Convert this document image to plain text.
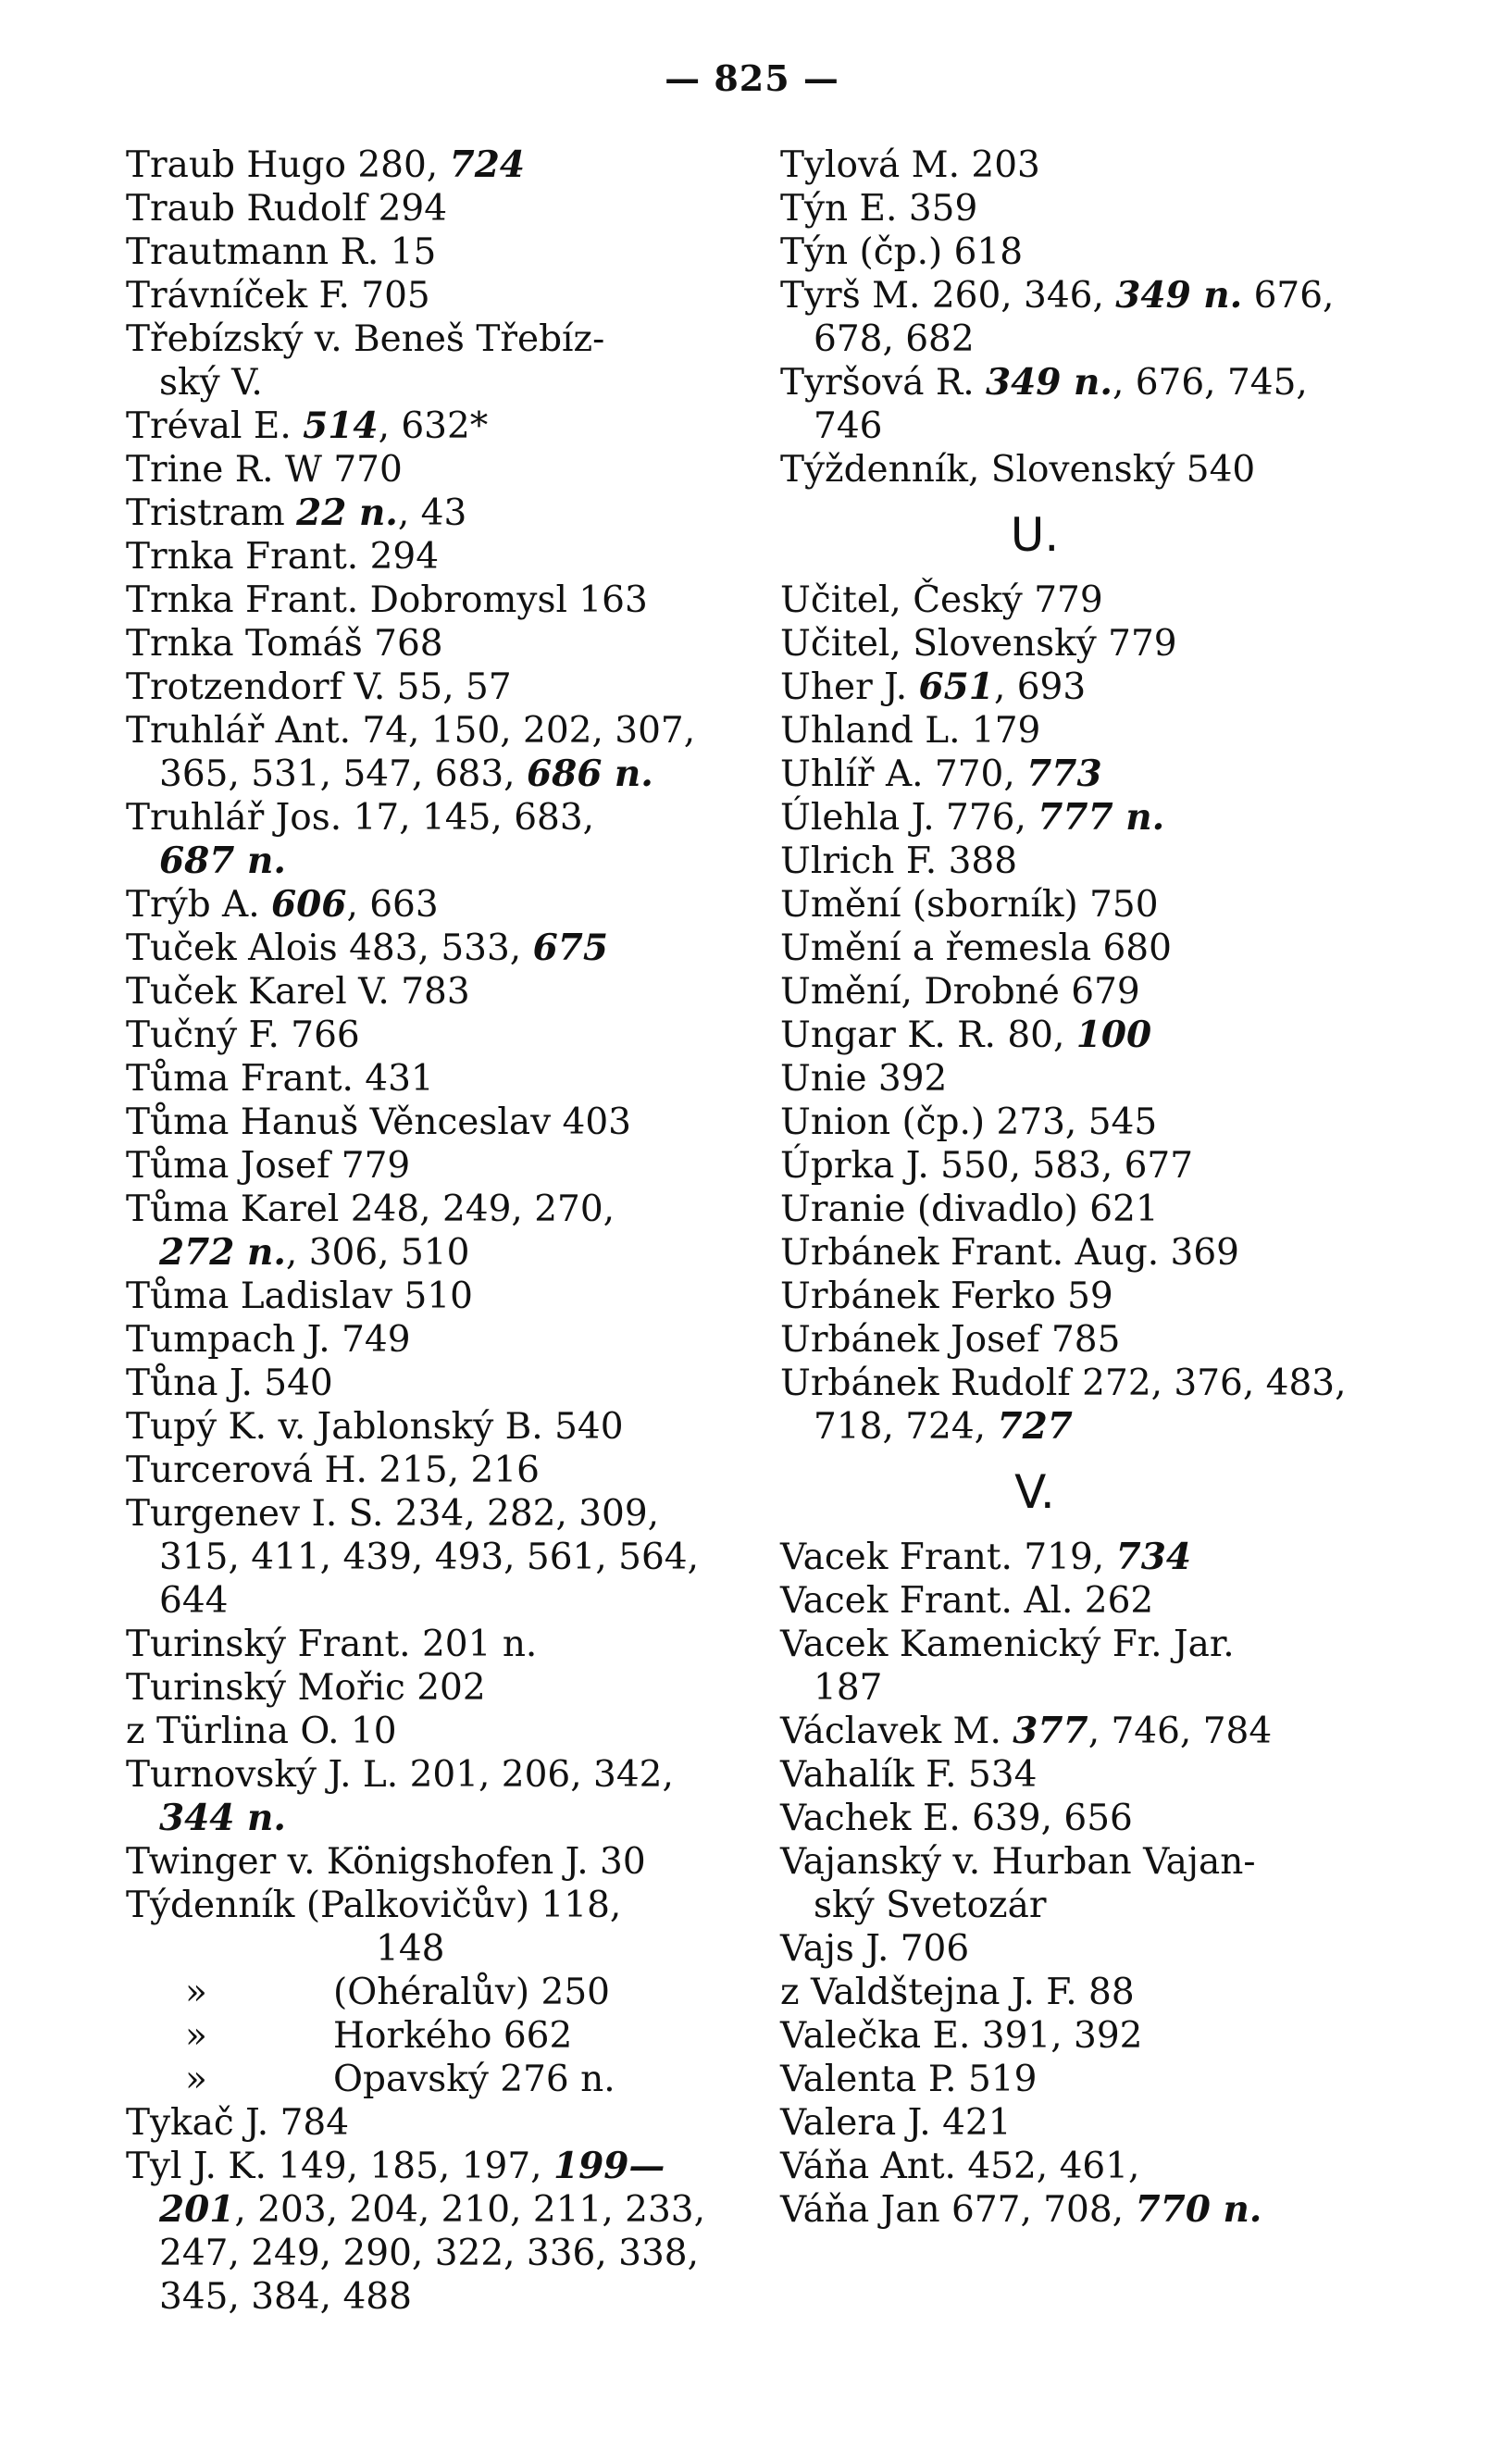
— 825 —
Traub Hugo 280, 724
Traub Rudolf 294
Trautmann R. 15
Trávníček F. 705
Třebízský v. Beneš Třebíz-
ský V.
Tréval E. 514, 632*
Trine R. W 770
Tristram 22 n., 43
Trnka Frant. 294
Trnka Frant. Dobromysl 163
Trnka Tomáš 768
Trotzendorf V. 55, 57
Truhlář Ant. 74, 150, 202, 307,
365, 531, 547, 683, 686 n.
Truhlář Jos. 17, 145, 683,
687 n.
Trýb A. 606, 663
Tuček Alois 483, 533, 675
Tuček Karel V. 783
Tučný F. 766
Tůma Frant. 431
Tůma Hanuš Věnceslav 403
Tůma Josef 779
Tůma Karel 248, 249, 270,
272 n., 306, 510
Tůma Ladislav 510
Tumpach J. 749
Tůna J. 540
Tupý K. v. Jablonský B. 540
Turcerová H. 215, 216
Turgenev I. S. 234, 282, 309,
315, 411, 439, 493, 561, 564,
644
Turinský Frant. 201 n.
Turinský Mořic 202
z Türlina O. 10
Turnovský J. L. 201, 206, 342,
344 n.
Twinger v. Königshofen J. 30
Týdenník (Palkovičův) 118,
148
»	(Ohéralův) 250
»	Horkého 662
»	Opavský 276 n.
Tykač J. 784
Tyl J. K. 149, 185, 197, 199—
201, 203, 204, 210, 211, 233,
247, 249, 290, 322, 336, 338,
345, 384, 488
Tylová M. 203
Týn E. 359
Týn (čp.) 618
Tyrš M. 260, 346, 349 n. 676,
678, 682
Tyršová R. 349 n., 676, 745,
746
Týždenník, Slovenský 540
U.
Učitel, Český 779
Učitel, Slovenský 779
Uher J. 651, 693
Uhland L. 179
Uhlíř A. 770, 773
Úlehla J. 776, 777 n.
Ulrich F. 388
Umění (sborník) 750
Umění a řemesla 680
Umění, Drobné 679
Ungar K. R. 80, 100
Unie 392
Union (čp.) 273, 545
Úprka J. 550, 583, 677
Uranie (divadlo) 621
Urbánek Frant. Aug. 369
Urbánek Ferko 59
Urbánek Josef 785
Urbánek Rudolf 272, 376, 483,
718, 724, 727
V.
Vacek Frant. 719, 734
Vacek Frant. Al. 262
Vacek Kamenický Fr. Jar.
187
Václavek M. 377, 746, 784
Vahalík F. 534
Vachek E. 639, 656
Vajanský v. Hurban Vajan-
ský Svetozár
Vajs J. 706
z Valdštejna J. F. 88
Valečka E. 391, 392
Valenta P. 519
Valera J. 421
Váňa Ant. 452, 461,
Váňa Jan 677, 708, 770 n.
